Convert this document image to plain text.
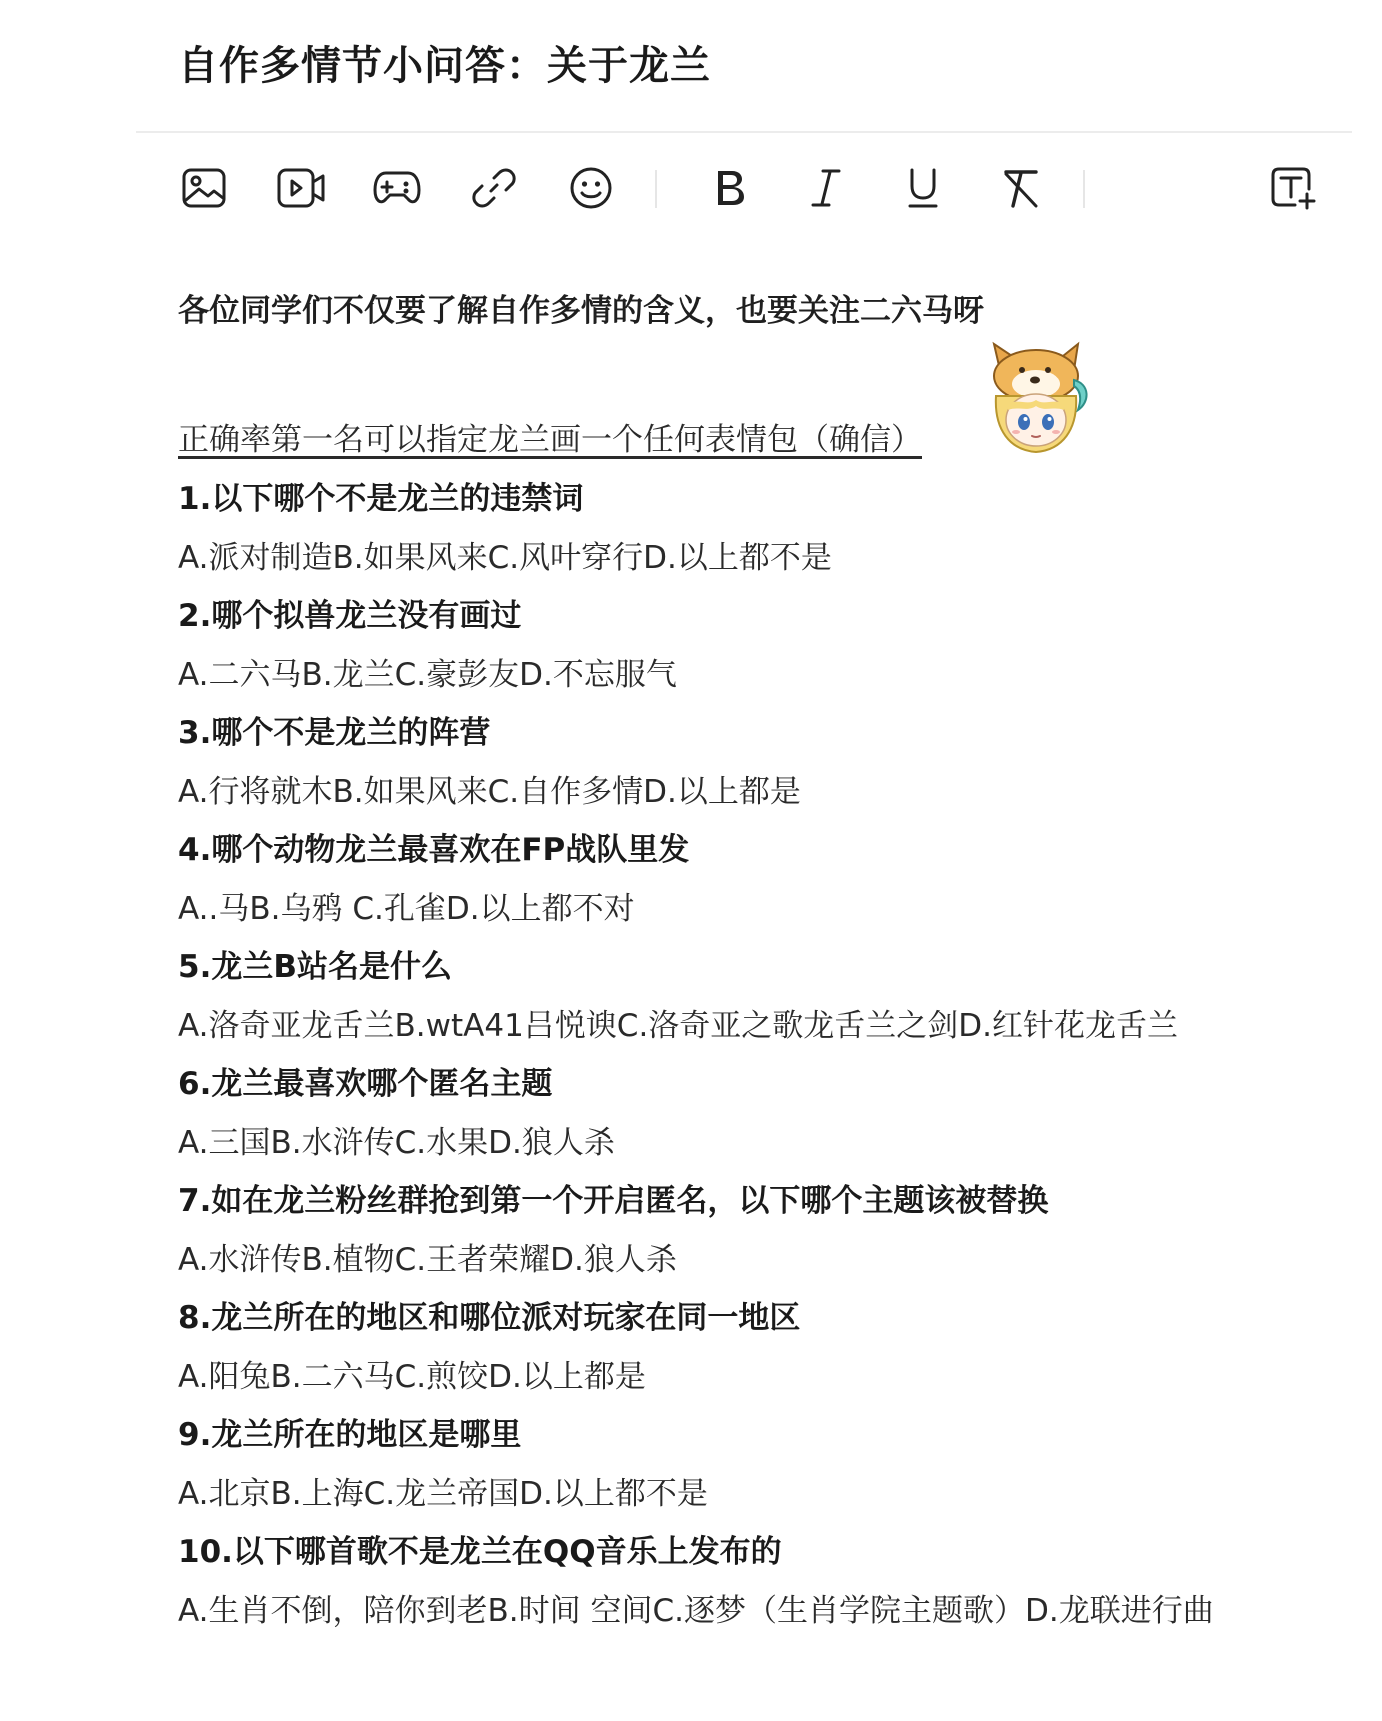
自作多情节小问答：关于龙兰
各位同学们不仅要了解自作多情的含义，也要关注二六马呀
正确率第一名可以指定龙兰画一个任何表情包（确信）
1.以下哪个不是龙兰的违禁词
A.派对制造B.如果风来C.风叶穿行D.以上都不是
2.哪个拟兽龙兰没有画过
A.二六马B.龙兰C.豪彭友D.不忘服气
3.哪个不是龙兰的阵营
A.行将就木B.如果风来C.自作多情D.以上都是
4.哪个动物龙兰最喜欢在FP战队里发
A..马B.乌鸦 C.孔雀D.以上都不对
5.龙兰B站名是什么
A.洛奇亚龙舌兰B.wtA41吕悦谀C.洛奇亚之歌龙舌兰之剑D.红针花龙舌兰
6.龙兰最喜欢哪个匿名主题
A.三国B.水浒传C.水果D.狼人杀
7.如在龙兰粉丝群抢到第一个开启匿名，以下哪个主题该被替换
A.水浒传B.植物C.王者荣耀D.狼人杀
8.龙兰所在的地区和哪位派对玩家在同一地区
A.阳兔B.二六马C.煎饺D.以上都是
9.龙兰所在的地区是哪里
A.北京B.上海C.龙兰帝国D.以上都不是
10.以下哪首歌不是龙兰在QQ音乐上发布的
A.生肖不倒，陪你到老B.时间 空间C.逐梦（生肖学院主题歌）D.龙联进行曲
